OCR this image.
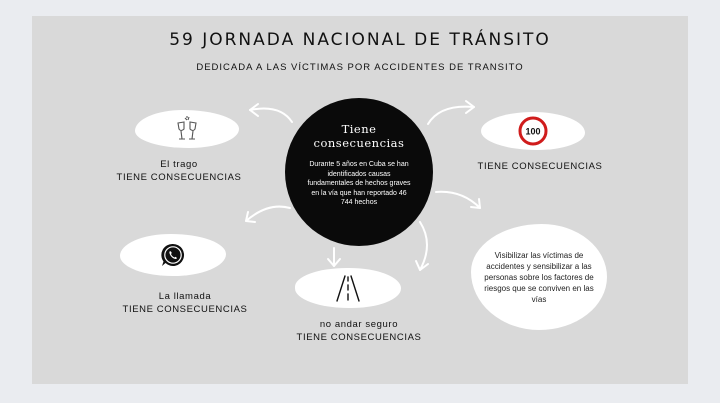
59 JORNADA NACIONAL DE TRÁNSITO
DEDICADA A LAS VÍCTIMAS POR ACCIDENTES DE TRANSITO
El trago
TIENE CONSECUENCIAS
100
TIENE CONSECUENCIAS
La llamada
TIENE CONSECUENCIAS
no andar seguro
TIENE CONSECUENCIAS
Tiene
consecuencias
Durante 5 años en Cuba se han identificados causas fundamentales de hechos graves en la vía que han reportado 46 744 hechos

Visibilizar las víctimas de accidentes y sensibilizar a las personas sobre los factores de riesgos que se conviven en las vías
